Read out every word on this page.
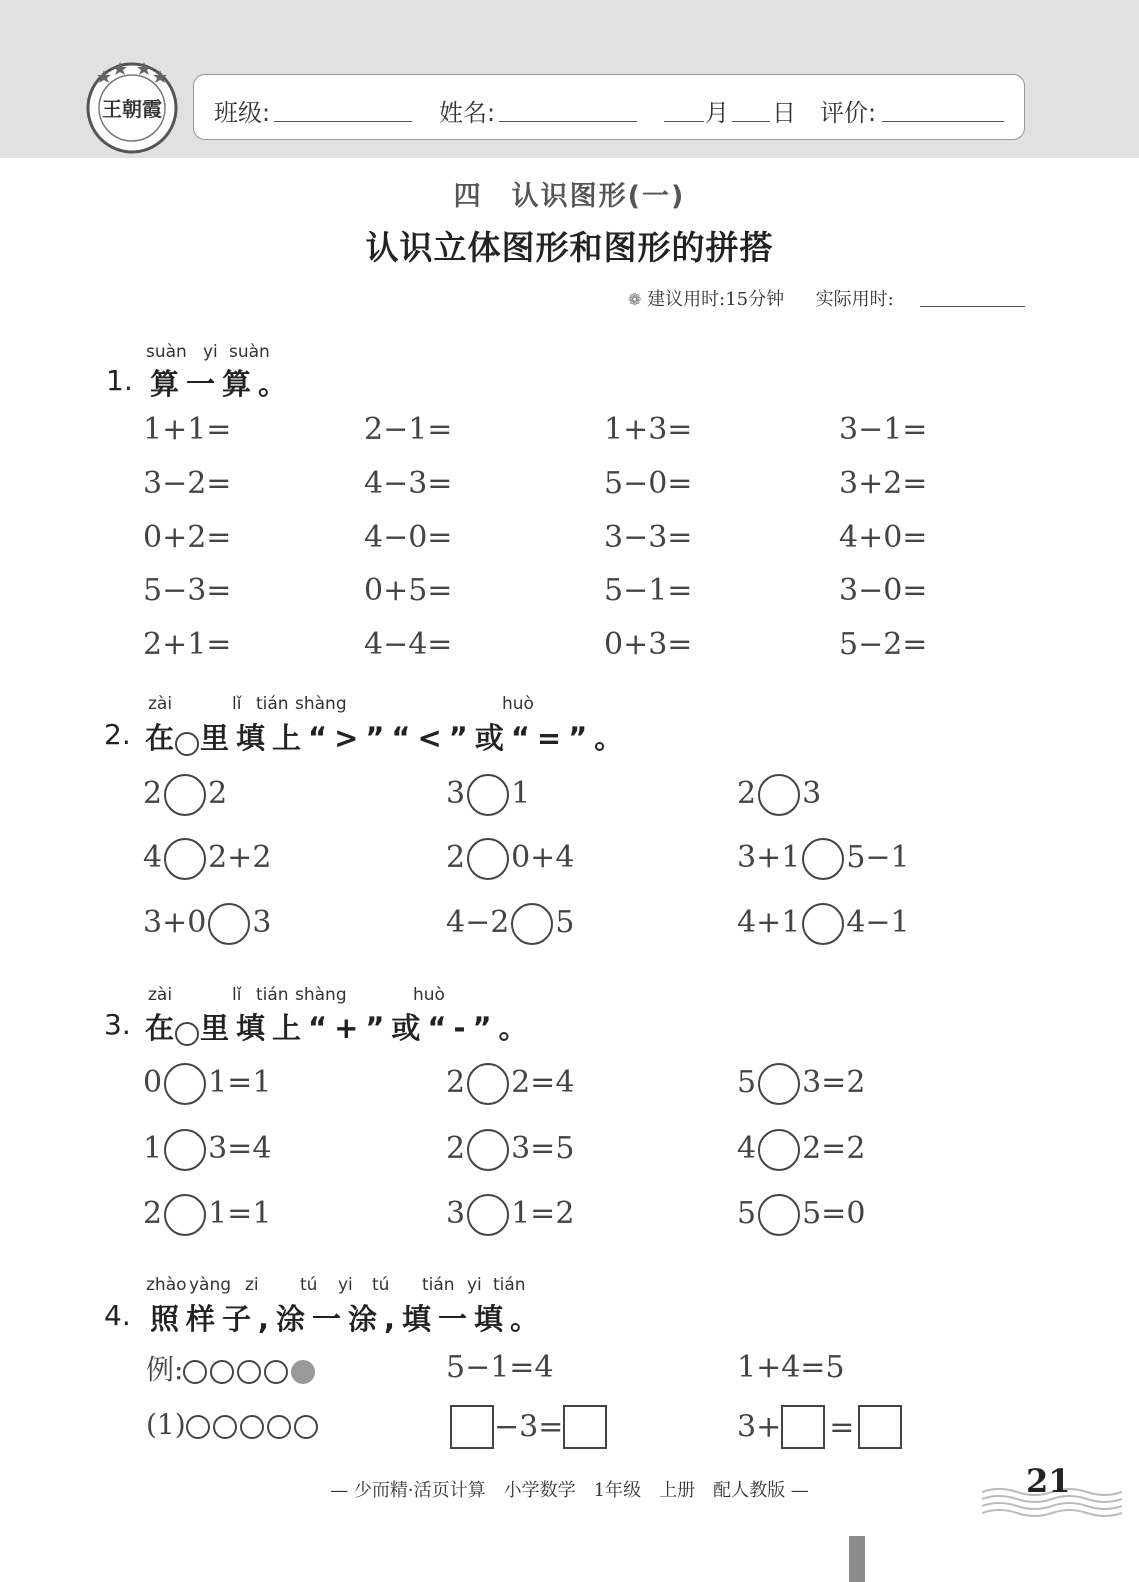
王朝霞 班级:	姓名:	月 日 评价:
四　认识图形(一)
认识立体图形和图形的拼搭
❁ 建议用时:15分钟 实际用时:
suàn yi suàn
1. 算一算。
1+1=	2−1=	1+3=	3−1=
3−2=	4−3=	5−0=	3+2=
0+2=	4−0=	3−3=	4+0=
5−3=	0+5=	5−1=	3−0=
2+1=	4−4=	0+3=	5−2=
zài	lǐ tián shàng	huò
2. 在 里填上“>”“<”或“=”。
2 2	3 1	2 3
4 2+2	2 0+4	3+1 5−1
3+0 3	4−2 5	4+1 4−1
zài	lǐ tián shàng	huò
3. 在 里填上“+”或“-”。
0 1=1	2 2=4	5 3=2
1 3=4	2 3=5	4 2=2
2 1=1	3 1=2	5 5=0
zhào yàng zi tú yi tú tián yi tián
4. 照样子,涂一涂,填一填。
例:	5−1=4	1+4=5
(1)	−3=	3+ =
— 少而精·活页计算　小学数学　1年级　上册　配人教版 —	21
